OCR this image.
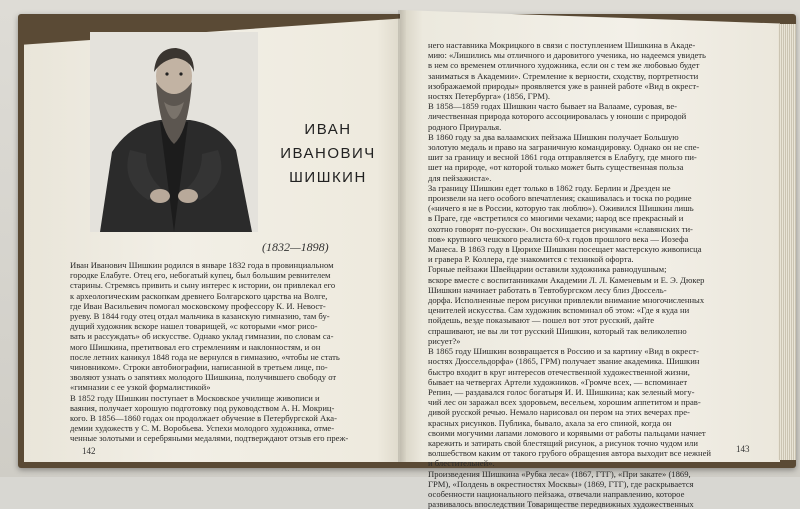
ИВАН
ИВАНОВИЧ
ШИШКИН
(1832—1898)
Иван Иванович Шишкин родился в январе 1832 года в провинциальном
городке Елабуге. Отец его, небогатый купец, был большим ревнителем
старины. Стремясь привить и сыну интерес к истории, он привлекал его
к археологическим раскопкам древнего Болгарского царства на Волге,
где Иван Васильевич помогал московскому профессору К. И. Невост-
руеву. В 1844 году отец отдал мальчика в казанскую гимназию, там бу-
дущий художник вскоре нашел товарищей, «с которыми «мог рисо-
вать и рассуждать» об искусстве. Однако уклад гимназии, по словам са-
мого Шишкина, претитвовал его стремлениям и наклонностям, и он
после летних каникул 1848 года не вернулся в гимназию, «чтобы не стать
чиновником». Строки автобиографии, написанной в третьем лице, по-
зволяют узнать о запятиях молодого Шишкина, получившего свободу от
«гимназии с ее узкой формалистикой»
В 1852 году Шишкин поступает в Московское училище живописи и
ваяния, получает хорошую подготовку под руководством А. Н. Мокриц-
кого. В 1856—1860 годах он продолжает обучение в Петербургской Ака-
демии художеств у С. М. Воробьева. Успехи молодого художника, отме-
ченные золотыми и серебряными медалями, подтверждают отзыв его преж-
него наставника Мокрицкого в связи с поступлением Шишкина в Акаде-
мию: «Лишились мы отличного и даровитого ученика, но надеемся увидеть
в нем со временем отличного художника, если он с тем же любовью будет
заниматься в Академии». Стремление к верности, сходству, портретности
изображаемой природы» проявляется уже в ранней работе «Вид в окрест-
ностях Петербурга» (1856, ГРМ).
В 1858—1859 годах Шишкин часто бывает на Валааме, суровая, ве-
личественная природа которого ассоциировалась у юноши с природой
родного Приуралья.
В 1860 году за два валаамских пейзажа Шишкин получает Большую
золотую медаль и право на заграничную командировку. Однако он не спе-
шит за границу и весной 1861 года отправляется в Елабугу, где много пи-
шет на природе, «от которой только может быть существенная польза
для пейзажиста».
За границу Шишкин едет только в 1862 году. Берлин и Дрезден не
произвели на него особого впечатления; скашивалась и тоска по родине
(«ничего я не в России, которую так люблю»). Оживился Шишкин лишь
в Праге, где «встретился со многими чехами; народ все прекрасный и
охотно говорят по-русски». Он восхищается рисунками «славянских ти-
пов» крупного чешского реалиста 60-х годов прошлого века — Иозефа
Манеса. В 1863 году в Цюрихе Шишкин посещает мастерскую живописца
и гравера Р. Коллера, где знакомится с техникой офорта.
Горные пейзажи Швейцарии оставили художника равнодушным;
вскоре вместе с воспитанниками Академии Л. Л. Каменевым и Е. Э. Дюкер
Шишкин начинает работать в Тевтобургском лесу близ Дюссель-
дорфа. Исполненные пером рисунки привлекли внимание многочисленных
ценителей искусства. Сам художник вспоминал об этом: «Где я куда ни
пойдешь, везде показывают — пошел вот этот русский, дайте
спрашивают, не вы ли тот русский Шишкин, который так великолепно
рисует?»
В 1865 году Шишкин возвращается в Россию и за картину «Вид в окрест-
ностях Дюссельдорфа» (1865, ГРМ) получает звание академика. Шишкин
быстро входит в круг интересов отечественной художественной жизни,
бывает на четвергах Артели художников. «Громче всех, — вспоминает
Репин, — раздавался голос богатыря И. И. Шишкина; как зеленый могу-
чий лес он заражал всех здоровьем, весельем, хорошим аппетитом и прав-
дивой русской речью. Немало нарисовал он пером на этих вечерах пре-
красных рисунков. Публика, бывало, ахала за его спиной, когда он
своими могучими лапами ломового и корявыми от работы пальцами начнет
карежить и затирать свой блестящий рисунок, а рисунок точно чудом или
волшебством каким от такого грубого обращения автора выходит все нежней
и блестительней».
Произведения Шишкина «Рубка леса» (1867, ГТГ), «При закате» (1869,
ГРМ), «Полдень в окрестностях Москвы» (1869, ГТГ), где раскрывается
особенности национального пейзажа, отвечали направлению, которое
развивалось впоследствии Товариществе передвижных художественных
142	143
